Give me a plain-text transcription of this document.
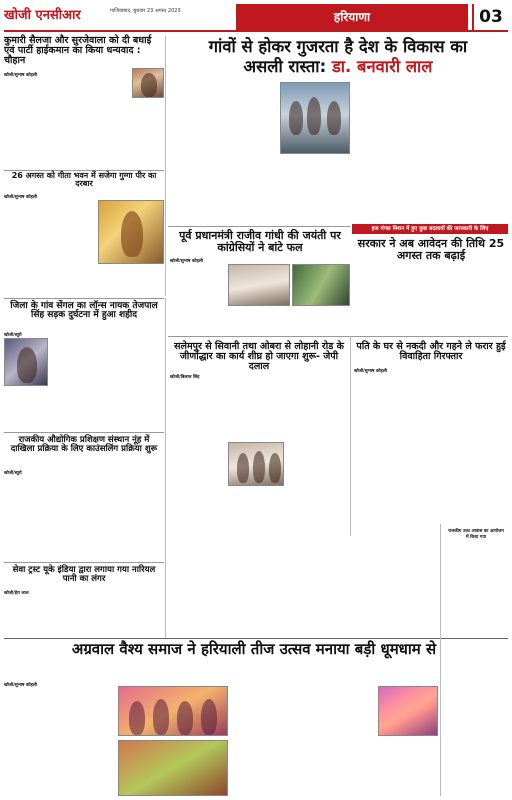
खोजी एनसीआर	गाजियाबाद, बुधवार 23 अगस्त 2023	हरियाणा	03
कुमारी सैलजा और सुरजेवाला को दी बधाई एवं पार्टी हाईकमान का किया धन्यवाद : चौहान
खोजी/सुभाष कोहली
26 अगस्त को गीता भवन में सजेगा गुग्गा पीर का दरबार
खोजी/सुभाष कोहली
गांवों से होकर गुजरता है देश के विकास का
असली रास्ता: डा. बनवारी लाल
हज मंगल मिशन में हुए कुछ बदलावों की जानकारी के लिए
पूर्व प्रधानमंत्री राजीव गांधी की जयंती पर कांग्रेसियों ने बांटे फल
खोजी/सुभाष कोहली
सरकार ने अब आवेदन की तिथि 25 अगस्त तक बढ़ाई
जिला के गांव सेंगल का लॉन्स नायक तेजपाल सिंह सड़क दुर्घटना में हुआ शहीद
खोजी/ब्यूरो
सलेमपुर से सिवानी तथा ओबरा से लोहानी रोड के जीर्णोद्धार का कार्य शीघ्र हो जाएगा शुरू- जेपी दलाल
खोजी/बिलाल सिंह
पति के घर से नकदी और गहने ले फरार हुई विवाहिता गिरफ्तार
खोजी/सुभाष कोहली
राजकीय औद्योगिक प्रशिक्षण संस्थान नूंह में दाखिला प्रक्रिया के लिए काउंसलिंग प्रक्रिया शुरू
खोजी/ब्यूरो
सेवा ट्रस्ट यूके इंडिया द्वारा लगाया गया नारियल पानी का लंगर
खोजी/हेरा लाल
अग्रवाल वैश्य समाज ने हरियाली तीज उत्सव मनाया बड़ी धूमधाम से
खोजी/सुभाष कोहली
राजकीय उच्च आवास का आयोजन
में किया गया
